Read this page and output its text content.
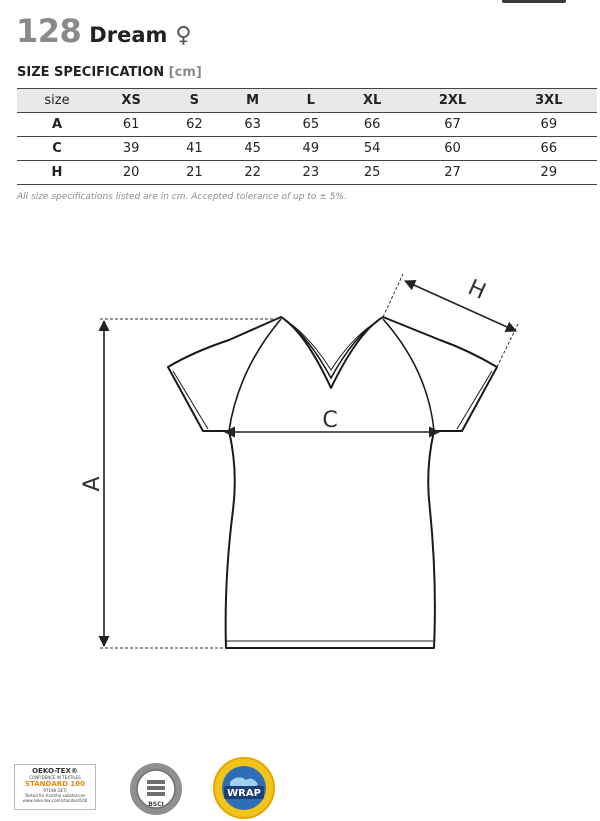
128 Dream ♀
SIZE SPECIFICATION [cm]
size	XS	S	M	L	XL	2XL	3XL
A	61	62	63	65	66	67	69
C	39	41	45	49	54	60	66
H	20	21	22	23	25	27	29
All size specifications listed are in cm. Accepted tolerance of up to ± 5%.
A
C
H
OEKO-TEX®
CONFIDENCE IN TEXTILES
STANDARD 100
97198 OETI
Tested for harmful substances
www.oeko-tex.com/standard100
BSCI
WRAP
